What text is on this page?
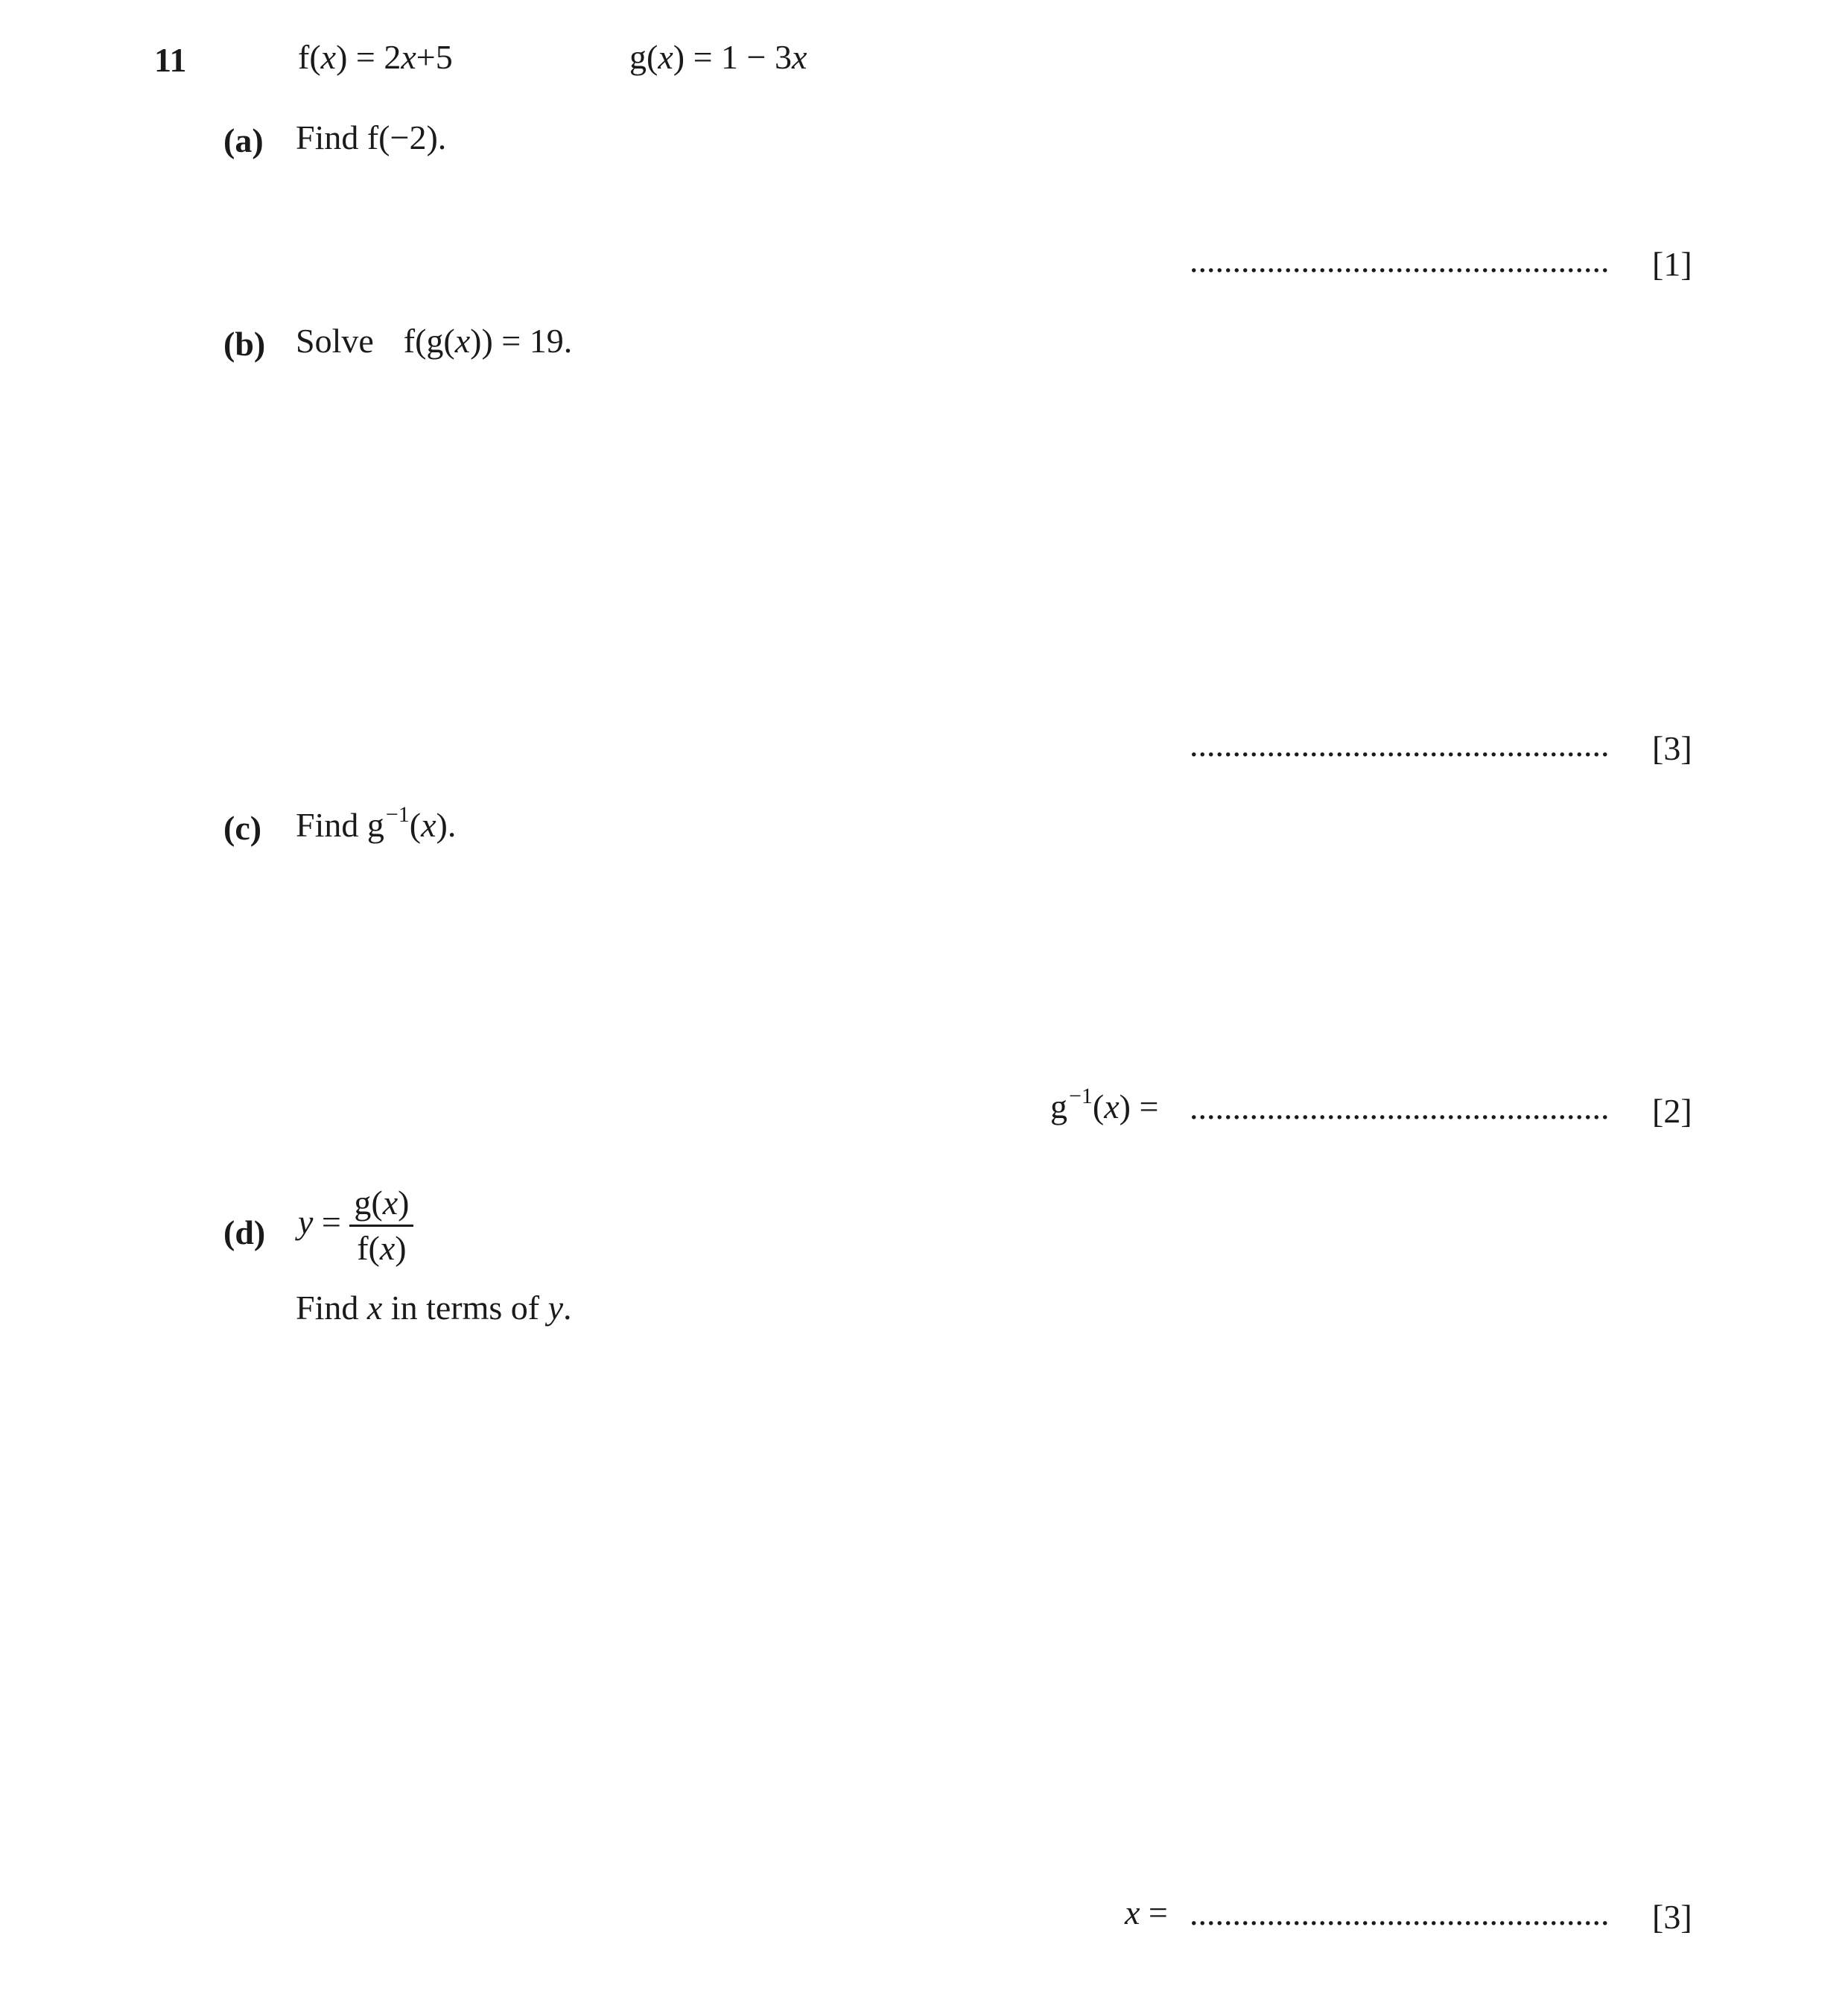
11	f(x) = 2x+5	g(x) = 1 − 3x
(a) Find f(−2).
................................................. [1]
(b) Solve f(g(x)) = 19.
................................................. [3]
(c) Find $g^{-1}(x)$.
$g^{-1}(x)$ = ................................................. [2]
(d) $y = \frac{g(x)}{f(x)}$
Find x in terms of y.
x = ................................................. [3]
